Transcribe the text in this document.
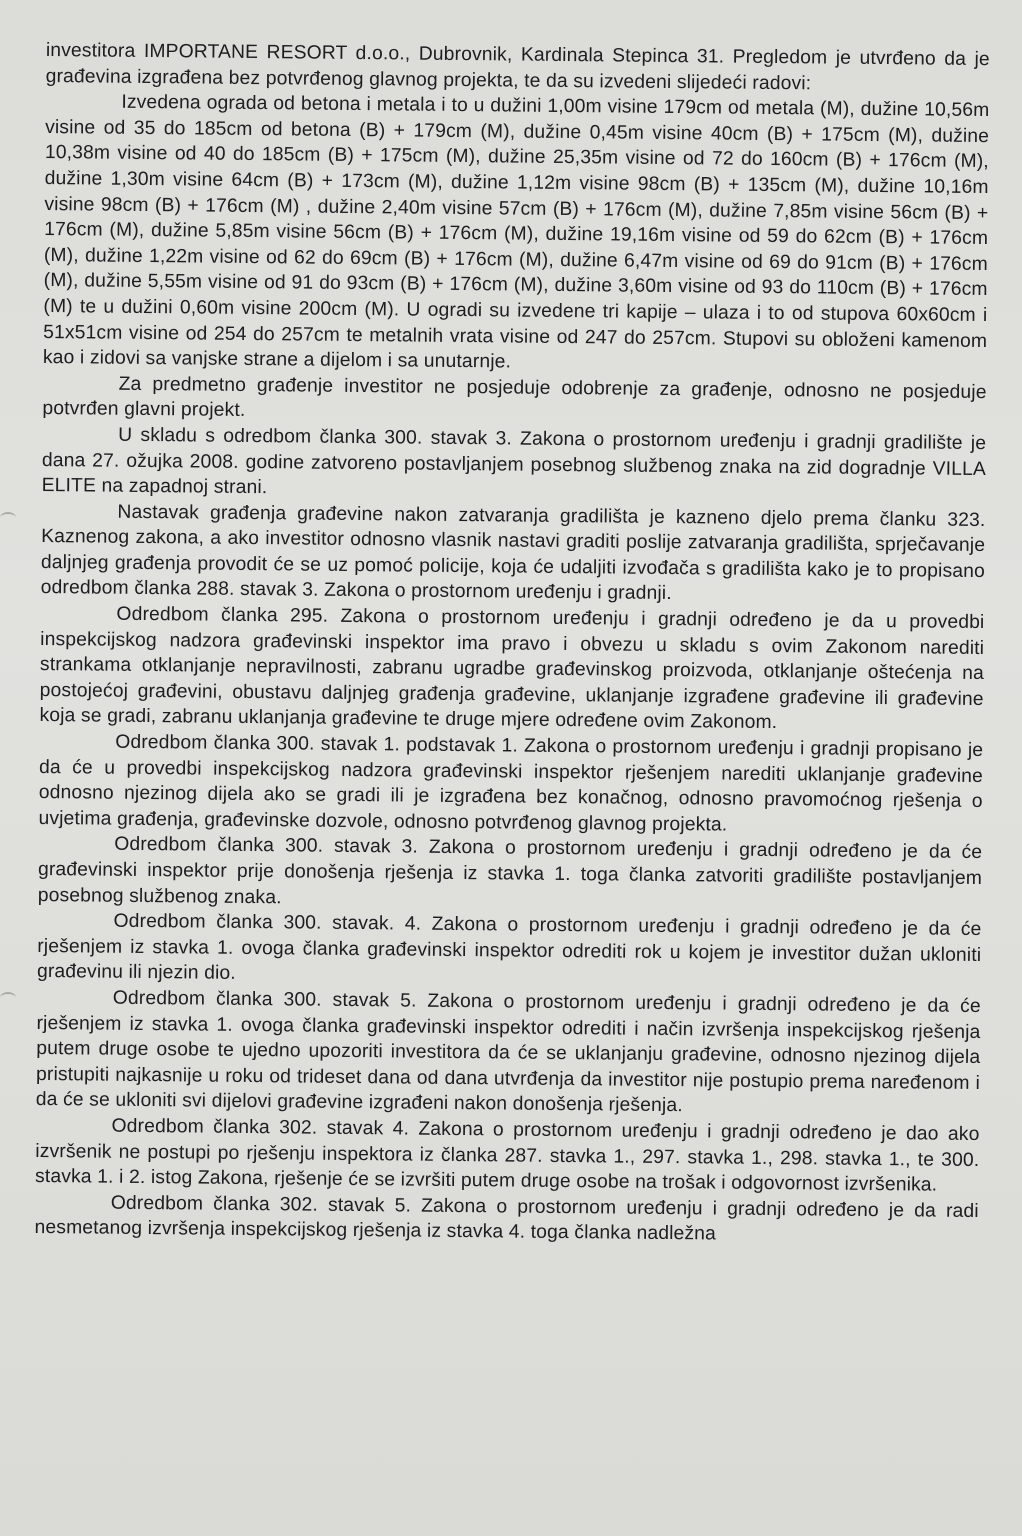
investitora IMPORTANE RESORT d.o.o., Dubrovnik, Kardinala Stepinca 31. Pregledom je utvrđeno da je građevina izgrađena bez potvrđenog glavnog projekta, te da su izvedeni slijedeći radovi:

Izvedena ograda od betona i metala i to u dužini 1,00m visine 179cm od metala (M), dužine 10,56m visine od 35 do 185cm od betona (B) + 179cm (M), dužine 0,45m visine 40cm (B) + 175cm (M), dužine 10,38m visine od 40 do 185cm (B) + 175cm (M), dužine 25,35m visine od 72 do 160cm (B) + 176cm (M), dužine 1,30m visine 64cm (B) + 173cm (M), dužine 1,12m visine 98cm (B) + 135cm (M), dužine 10,16m visine 98cm (B) + 176cm (M) , dužine 2,40m visine 57cm (B) + 176cm (M), dužine 7,85m visine 56cm (B) + 176cm (M), dužine 5,85m visine 56cm (B) + 176cm (M), dužine 19,16m visine od 59 do 62cm (B) + 176cm (M), dužine 1,22m visine od 62 do 69cm (B) + 176cm (M), dužine 6,47m visine od 69 do 91cm (B) + 176cm (M), dužine 5,55m visine od 91 do 93cm (B) + 176cm (M), dužine 3,60m visine od 93 do 110cm (B) + 176cm (M) te u dužini 0,60m visine 200cm (M). U ogradi su izvedene tri kapije – ulaza i to od stupova 60x60cm i 51x51cm visine od 254 do 257cm te metalnih vrata visine od 247 do 257cm. Stupovi su obloženi kamenom kao i zidovi sa vanjske strane a dijelom i sa unutarnje.

Za predmetno građenje investitor ne posjeduje odobrenje za građenje, odnosno ne posjeduje potvrđen glavni projekt.

U skladu s odredbom članka 300. stavak 3. Zakona o prostornom uređenju i gradnji gradilište je dana 27. ožujka 2008. godine zatvoreno postavljanjem posebnog službenog znaka na zid dogradnje VILLA ELITE na zapadnoj strani.

Nastavak građenja građevine nakon zatvaranja gradilišta je kazneno djelo prema članku 323. Kaznenog zakona, a ako investitor odnosno vlasnik nastavi graditi poslije zatvaranja gradilišta, sprječavanje daljnjeg građenja provodit će se uz pomoć policije, koja će udaljiti izvođača s gradilišta kako je to propisano odredbom članka 288. stavak 3. Zakona o prostornom uređenju i gradnji.

Odredbom članka 295. Zakona o prostornom uređenju i gradnji određeno je da u provedbi inspekcijskog nadzora građevinski inspektor ima pravo i obvezu u skladu s ovim Zakonom narediti strankama otklanjanje nepravilnosti, zabranu ugradbe građevinskog proizvoda, otklanjanje oštećenja na postojećoj građevini, obustavu daljnjeg građenja građevine, uklanjanje izgrađene građevine ili građevine koja se gradi, zabranu uklanjanja građevine te druge mjere određene ovim Zakonom.

Odredbom članka 300. stavak 1. podstavak 1. Zakona o prostornom uređenju i gradnji propisano je da će u provedbi inspekcijskog nadzora građevinski inspektor rješenjem narediti uklanjanje građevine odnosno njezinog dijela ako se gradi ili je izgrađena bez konačnog, odnosno pravomoćnog rješenja o uvjetima građenja, građevinske dozvole, odnosno potvrđenog glavnog projekta.

Odredbom članka 300. stavak 3. Zakona o prostornom uređenju i gradnji određeno je da će građevinski inspektor prije donošenja rješenja iz stavka 1. toga članka zatvoriti gradilište postavljanjem posebnog službenog znaka.

Odredbom članka 300. stavak. 4. Zakona o prostornom uređenju i gradnji određeno je da će rješenjem iz stavka 1. ovoga članka građevinski inspektor odrediti rok u kojem je investitor dužan ukloniti građevinu ili njezin dio.

Odredbom članka 300. stavak 5. Zakona o prostornom uređenju i gradnji određeno je da će rješenjem iz stavka 1. ovoga članka građevinski inspektor odrediti i način izvršenja inspekcijskog rješenja putem druge osobe te ujedno upozoriti investitora da će se uklanjanju građevine, odnosno njezinog dijela pristupiti najkasnije u roku od trideset dana od dana utvrđenja da investitor nije postupio prema naređenom i da će se ukloniti svi dijelovi građevine izgrađeni nakon donošenja rješenja.

Odredbom članka 302. stavak 4. Zakona o prostornom uređenju i gradnji određeno je dao ako izvršenik ne postupi po rješenju inspektora iz članka 287. stavka 1., 297. stavka 1., 298. stavka 1., te 300. stavka 1. i 2. istog Zakona, rješenje će se izvršiti putem druge osobe na trošak i odgovornost izvršenika.

Odredbom članka 302. stavak 5. Zakona o prostornom uređenju i gradnji određeno je da radi nesmetanog izvršenja inspekcijskog rješenja iz stavka 4. toga članka nadležna
